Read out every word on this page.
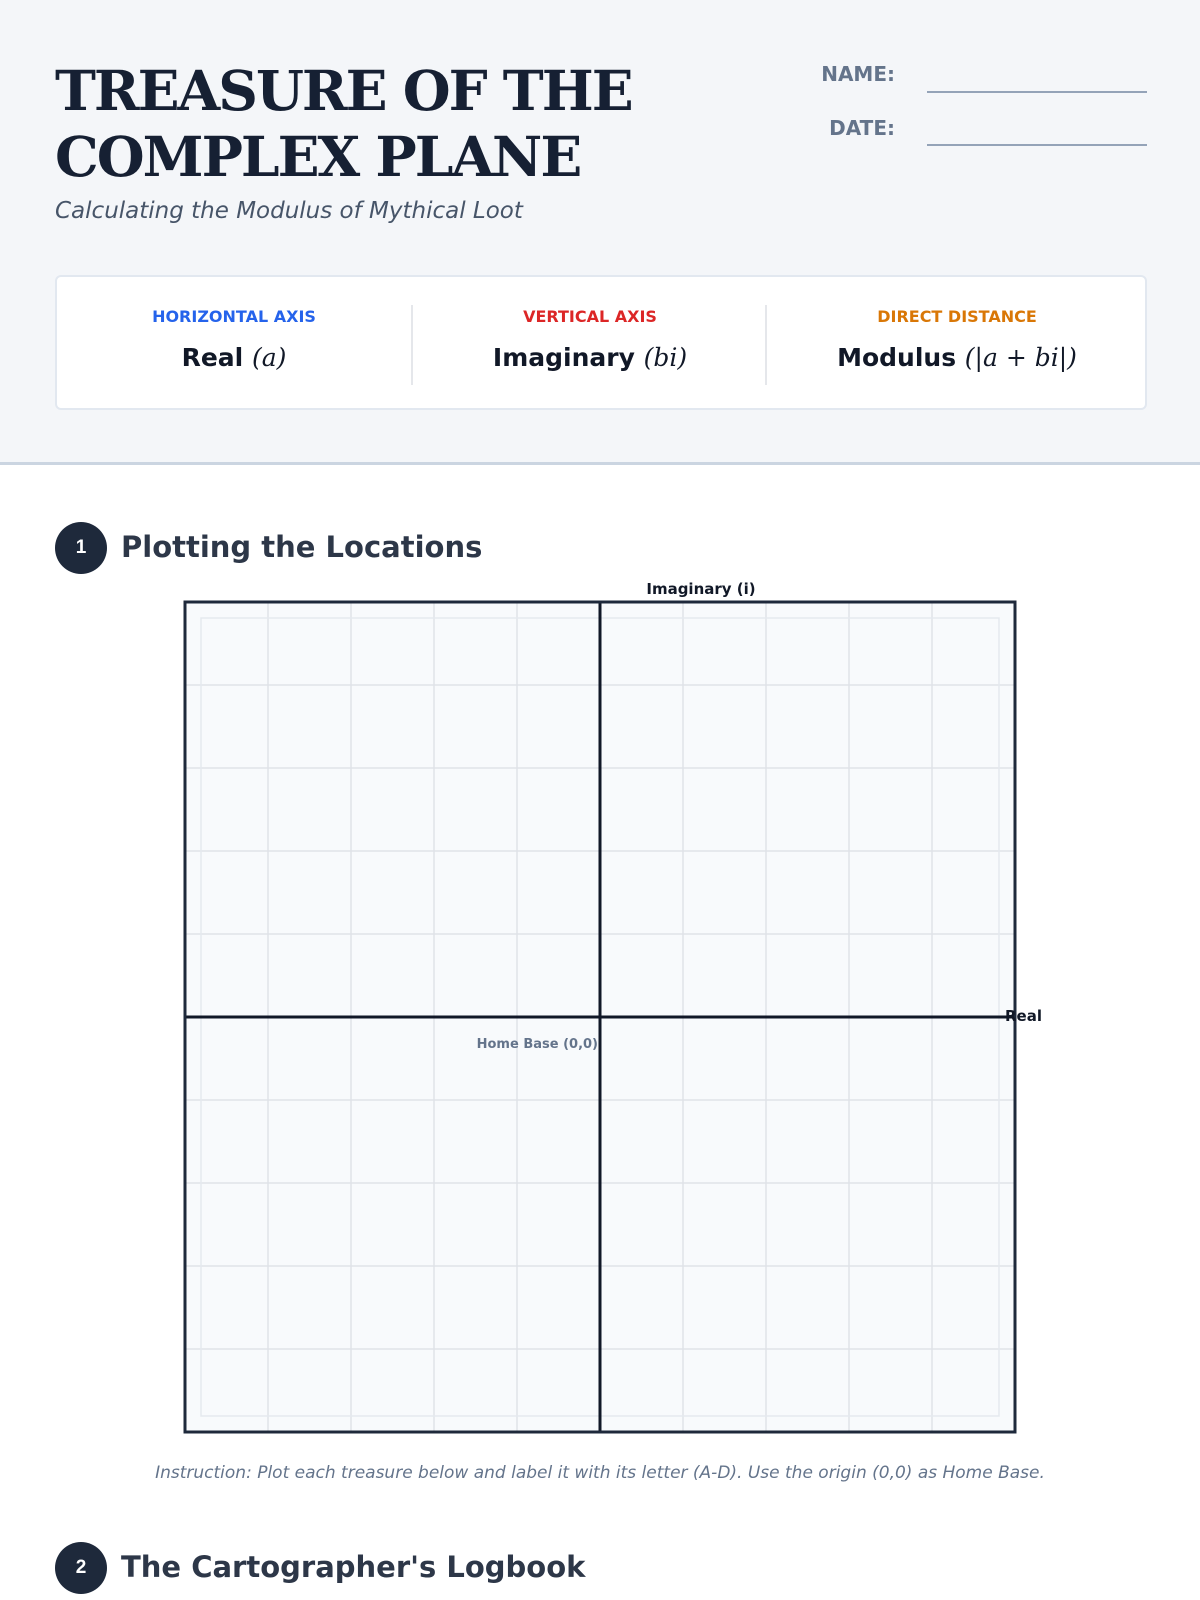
TREASURE OF THE COMPLEX PLANE
Calculating the Modulus of Mythical Loot
NAME:
DATE:
HORIZONTAL AXIS
Real (a)
VERTICAL AXIS
Imaginary (bi)
DIRECT DISTANCE
Modulus (|a + bi|)
1	Plotting the Locations
Imaginary (i)
Real
Home Base (0,0)
Instruction: Plot each treasure below and label it with its letter (A-D). Use the origin (0,0) as Home Base.
2	The Cartographer's Logbook
